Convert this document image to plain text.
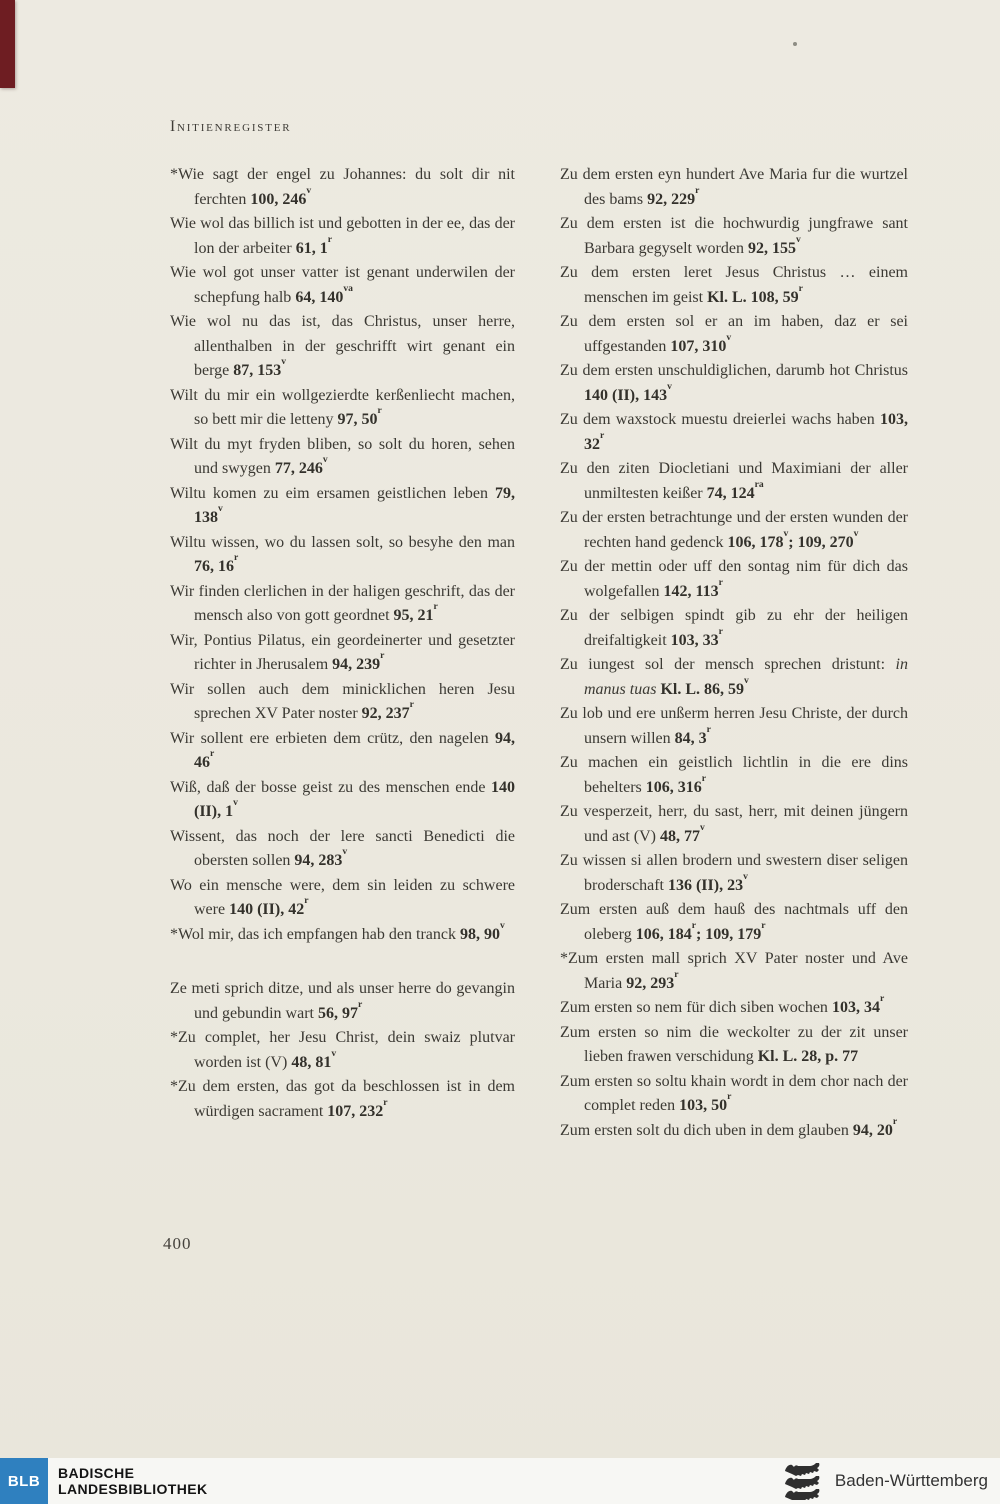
Initienregister
*Wie sagt der engel zu Johannes: du solt dir nit ferchten 100, 246$^v$
Wie wol das billich ist und gebotten in der ee, das der lon der arbeiter 61, 1$^r$
Wie wol got unser vatter ist genant underwilen der schepfung halb 64, $140^{va}$
Wie wol nu das ist, das Christus, unser herre, allenthalben in der geschrifft wirt genant ein berge 87, 153$^v$
Wilt du mir ein wollgezierdte kerßenliecht machen, so bett mir die letteny 97, 50$^r$
Wilt du myt fryden bliben, so solt du horen, sehen und swygen 77, 246$^v$
Wiltu komen zu eim ersamen geistlichen leben 79, 138$^v$
Wiltu wissen, wo du lassen solt, so besyhe den man 76, 16$^r$
Wir finden clerlichen in der haligen geschrift, das der mensch also von gott geordnet 95, 21$^r$
Wir, Pontius Pilatus, ein geordeinerter und gesetzter richter in Jherusalem 94, 239$^r$
Wir sollen auch dem minicklichen heren Jesu sprechen XV Pater noster 92, 237$^r$
Wir sollent ere erbieten dem crütz, den nagelen 94, 46$^r$
Wiß, daß der bosse geist zu des menschen ende 140 (II), 1$^v$
Wissent, das noch der lere sancti Benedicti die obersten sollen 94, 283$^v$
Wo ein mensche were, dem sin leiden zu schwere were 140 (II), 42$^r$
*Wol mir, das ich empfangen hab den tranck 98, 90$^v$
Ze meti sprich ditze, und als unser herre do gevangin und gebundin wart 56, 97$^r$
*Zu complet, her Jesu Christ, dein swaiz plutvar worden ist (V) 48, 81$^v$
*Zu dem ersten, das got da beschlossen ist in dem würdigen sacrament 107, 232$^r$
Zu dem ersten eyn hundert Ave Maria fur die wurtzel des bams 92, 229$^r$
Zu dem ersten ist die hochwurdig jungfrawe sant Barbara gegyselt worden 92, 155$^v$
Zu dem ersten leret Jesus Christus … einem menschen im geist Kl. L. 108, 59$^r$
Zu dem ersten sol er an im haben, daz er sei uffgestanden 107, 310$^v$
Zu dem ersten unschuldiglichen, darumb hot Christus 140 (II), 143$^v$
Zu dem waxstock muestu dreierlei wachs haben 103, 32$^r$
Zu den ziten Diocletiani und Maximiani der aller unmiltesten keißer 74, $124^{ra}$
Zu der ersten betrachtunge und der ersten wunden der rechten hand gedenck 106, 178$^v$; 109, 270$^v$
Zu der mettin oder uff den sontag nim für dich das wolgefallen 142, 113$^r$
Zu der selbigen spindt gib zu ehr der heiligen dreifaltigkeit 103, 33$^r$
Zu iungest sol der mensch sprechen dristunt: in manus tuas Kl. L. 86, 59$^v$
Zu lob und ere unßerm herren Jesu Christe, der durch unsern willen 84, 3$^r$
Zu machen ein geistlich lichtlin in die ere dins behelters 106, 316$^r$
Zu vesperzeit, herr, du sast, herr, mit deinen jüngern und ast (V) 48, 77$^v$
Zu wissen si allen brodern und swestern diser seligen broderschaft 136 (II), 23$^v$
Zum ersten auß dem hauß des nachtmals uff den oleberg 106, 184$^r$; 109, 179$^r$
*Zum ersten mall sprich XV Pater noster und Ave Maria 92, 293$^r$
Zum ersten so nem für dich siben wochen 103, 34$^r$
Zum ersten so nim die weckolter zu der zit unser lieben frawen verschidung Kl. L. 28, p. 77
Zum ersten so soltu khain wordt in dem chor nach der complet reden 103, 50$^r$
Zum ersten solt du dich uben in dem glauben 94, 20$^r$
400
BLB	BADISCHE
LANDESBIBLIOTHEK	Baden-Württemberg
